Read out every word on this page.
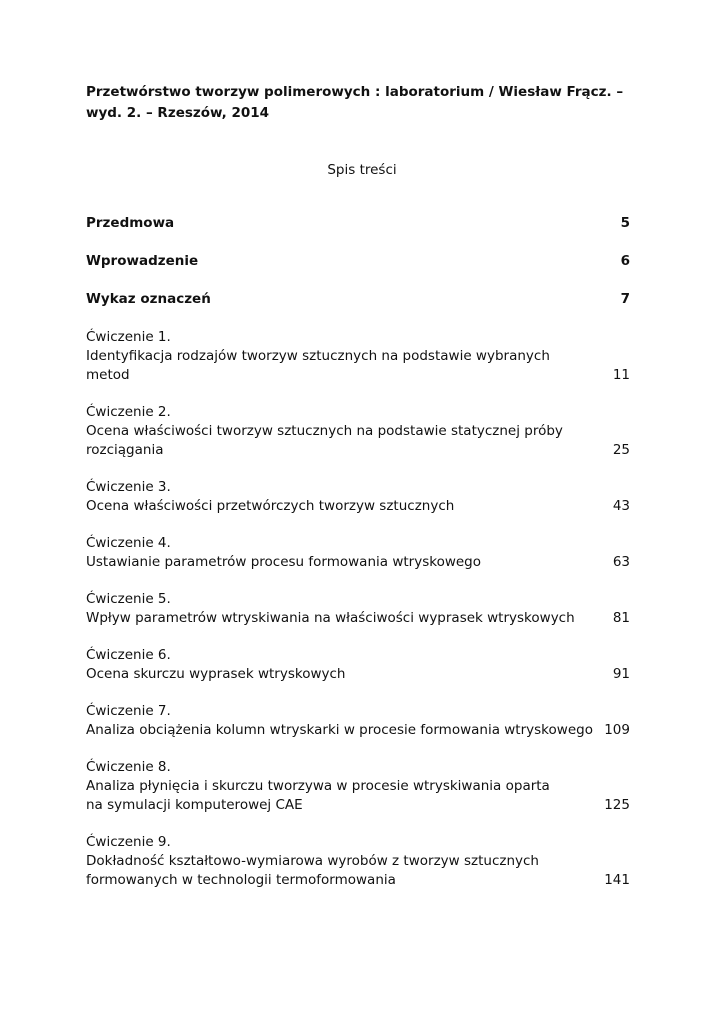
Przetwórstwo tworzyw polimerowych : laboratorium / Wiesław Frącz. – wyd. 2. – Rzeszów, 2014

Spis treści

Przedmowa	5
Wprowadzenie	6
Wykaz oznaczeń	7
Ćwiczenie 1.
Identyfikacja rodzajów tworzyw sztucznych na podstawie wybranych
metod	11
Ćwiczenie 2.
Ocena właściwości tworzyw sztucznych na podstawie statycznej próby
rozciągania	25
Ćwiczenie 3.
Ocena właściwości przetwórczych tworzyw sztucznych	43
Ćwiczenie 4.
Ustawianie parametrów procesu formowania wtryskowego	63
Ćwiczenie 5.
Wpływ parametrów wtryskiwania na właściwości wyprasek wtryskowych	81
Ćwiczenie 6.
Ocena skurczu wyprasek wtryskowych	91
Ćwiczenie 7.
Analiza obciążenia kolumn wtryskarki w procesie formowania wtryskowego 109
Ćwiczenie 8.
Analiza płynięcia i skurczu tworzywa w procesie wtryskiwania oparta
na symulacji komputerowej CAE	125
Ćwiczenie 9.
Dokładność kształtowo-wymiarowa wyrobów z tworzyw sztucznych
formowanych w technologii termoformowania	141
